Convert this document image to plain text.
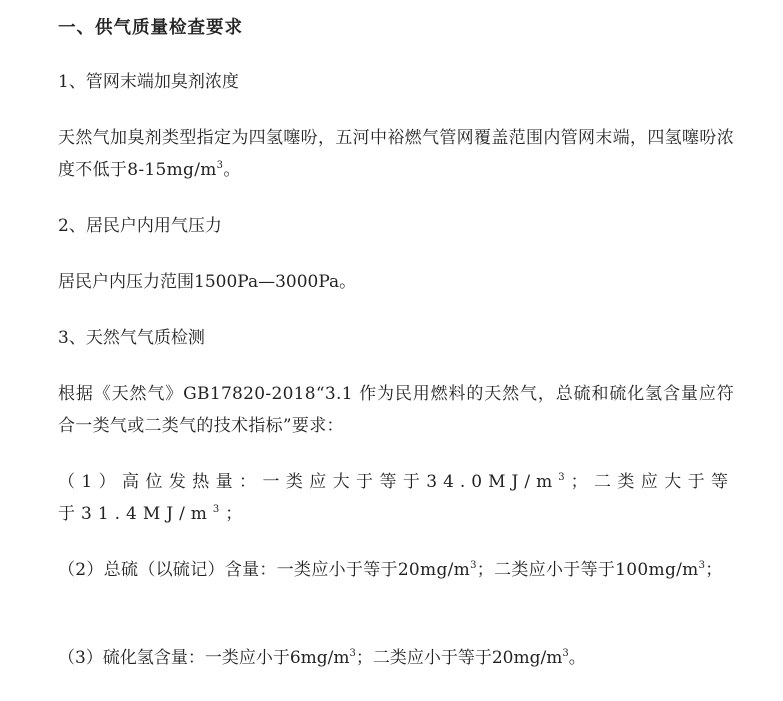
一、供气质量检查要求
1、管网末端加臭剂浓度
天然气加臭剂类型指定为四氢噻吩，五河中裕燃气管网覆盖范围内管网末端，四氢噻吩浓度不低于$8-15mg/m^3$。
2、居民户内用气压力
居民户内压力范围1500Pa—3000Pa。
3、天然气气质检测
根据《天然气》GB17820-2018“3.1 作为民用燃料的天然气，总硫和硫化氢含量应符合一类气或二类气的技术指标”要求：
（1）高位发热量：一类应大于等于$34.0MJ/m^3$；二类应大于等于$31.4MJ/m^3$；
（2）总硫（以硫记）含量：一类应小于等于$20mg/m^3$；二类应小于等于$100mg/m^3$；
（3）硫化氢含量：一类应小于$6mg/m^3$；二类应小于等于$20mg/m^3$。
